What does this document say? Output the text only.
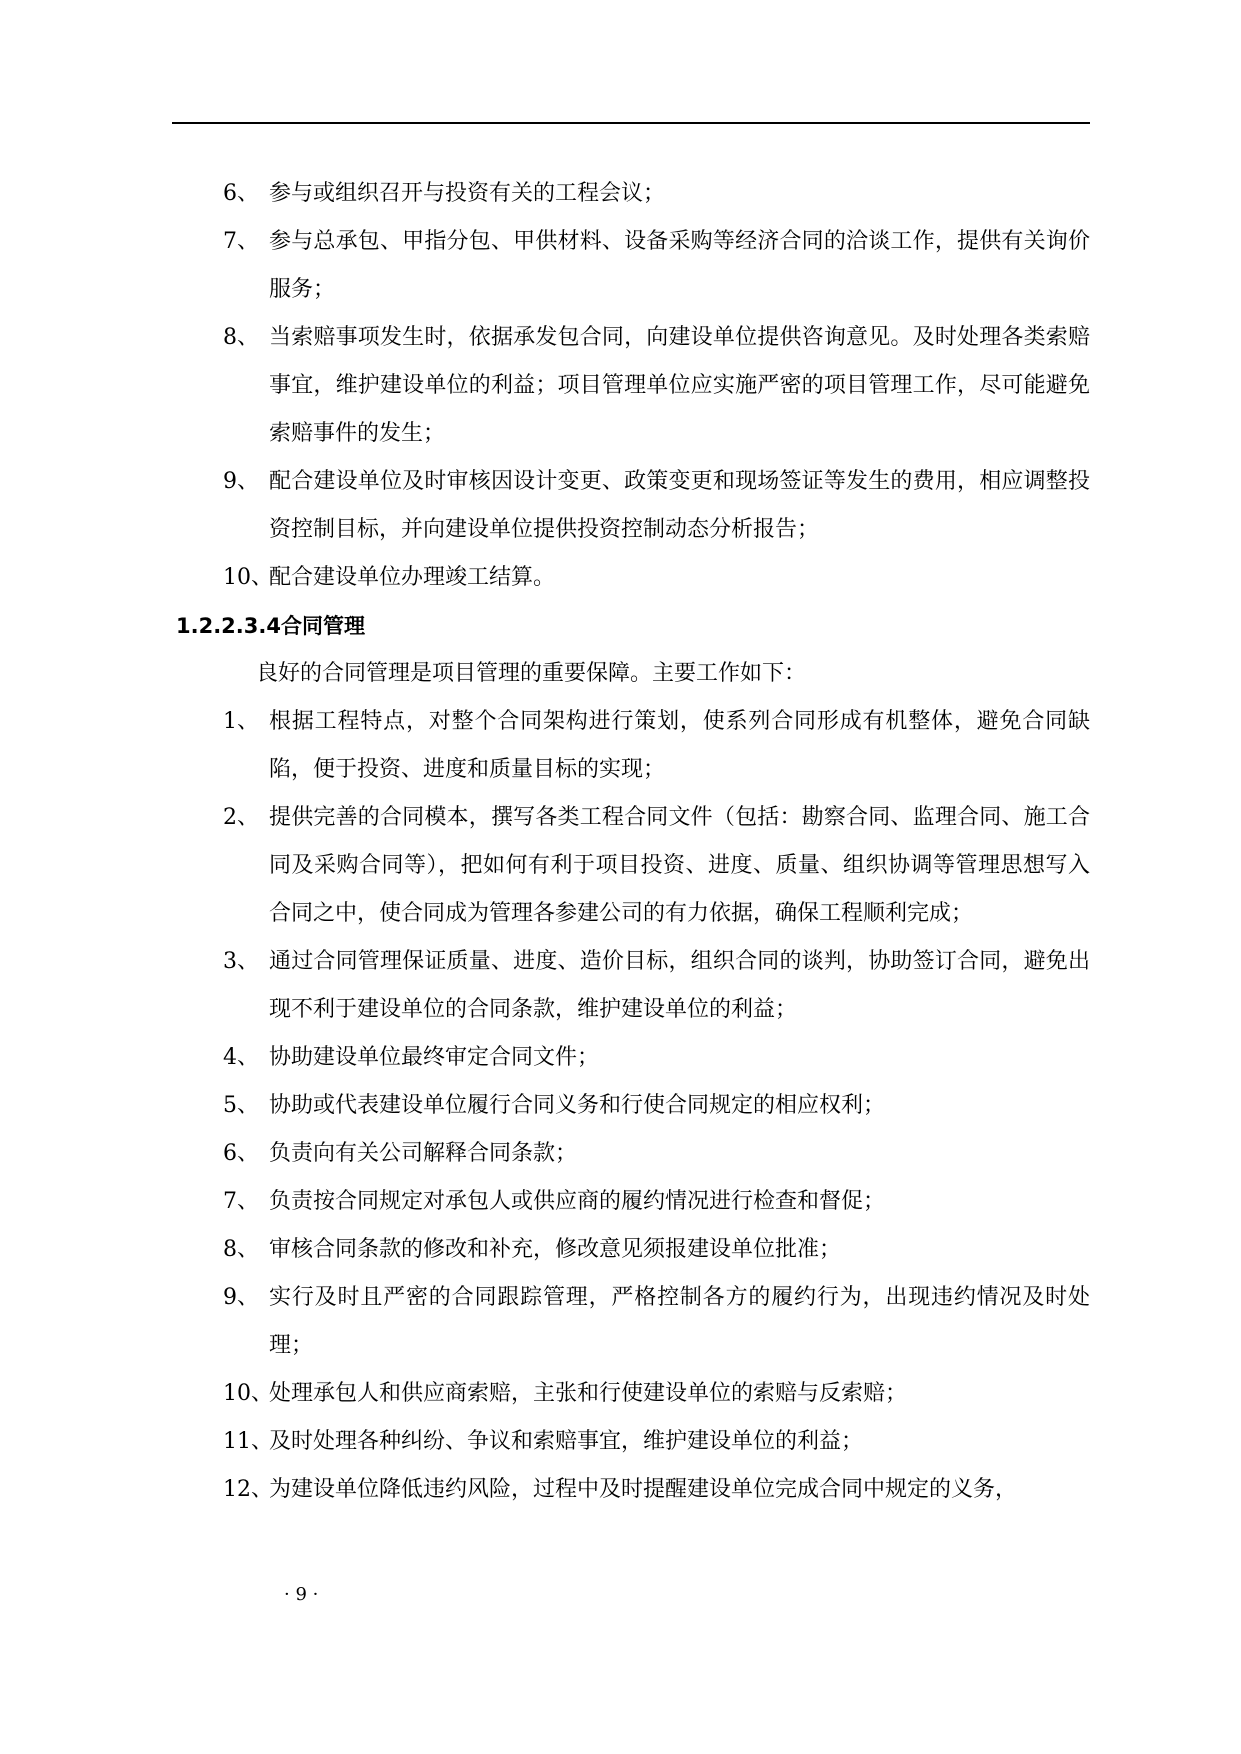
6、 参与或组织召开与投资有关的工程会议；
7、 参与总承包、甲指分包、甲供材料、设备采购等经济合同的洽谈工作，提供有关询价服务；
8、 当索赔事项发生时，依据承发包合同，向建设单位提供咨询意见。及时处理各类索赔事宜，维护建设单位的利益；项目管理单位应实施严密的项目管理工作，尽可能避免索赔事件的发生；
9、 配合建设单位及时审核因设计变更、政策变更和现场签证等发生的费用，相应调整投资控制目标，并向建设单位提供投资控制动态分析报告；
10、
配合建设单位办理竣工结算。
1.2.2.3.4合同管理
良好的合同管理是项目管理的重要保障。主要工作如下：
1、 根据工程特点，对整个合同架构进行策划，使系列合同形成有机整体，避免合同缺陷，便于投资、进度和质量目标的实现；
2、 提供完善的合同模本，撰写各类工程合同文件（包括：勘察合同、监理合同、施工合同及采购合同等），把如何有利于项目投资、进度、质量、组织协调等管理思想写入合同之中，使合同成为管理各参建公司的有力依据，确保工程顺利完成；
3、 通过合同管理保证质量、进度、造价目标，组织合同的谈判，协助签订合同，避免出现不利于建设单位的合同条款，维护建设单位的利益；
4、 协助建设单位最终审定合同文件；
5、 协助或代表建设单位履行合同义务和行使合同规定的相应权利；
6、 负责向有关公司解释合同条款；
7、 负责按合同规定对承包人或供应商的履约情况进行检查和督促；
8、 审核合同条款的修改和补充，修改意见须报建设单位批准；
9、 实行及时且严密的合同跟踪管理，严格控制各方的履约行为，出现违约情况及时处理；
10、
处理承包人和供应商索赔，主张和行使建设单位的索赔与反索赔；
11、
及时处理各种纠纷、争议和索赔事宜，维护建设单位的利益；
12、
为建设单位降低违约风险，过程中及时提醒建设单位完成合同中规定的义务，
· 9 ·
